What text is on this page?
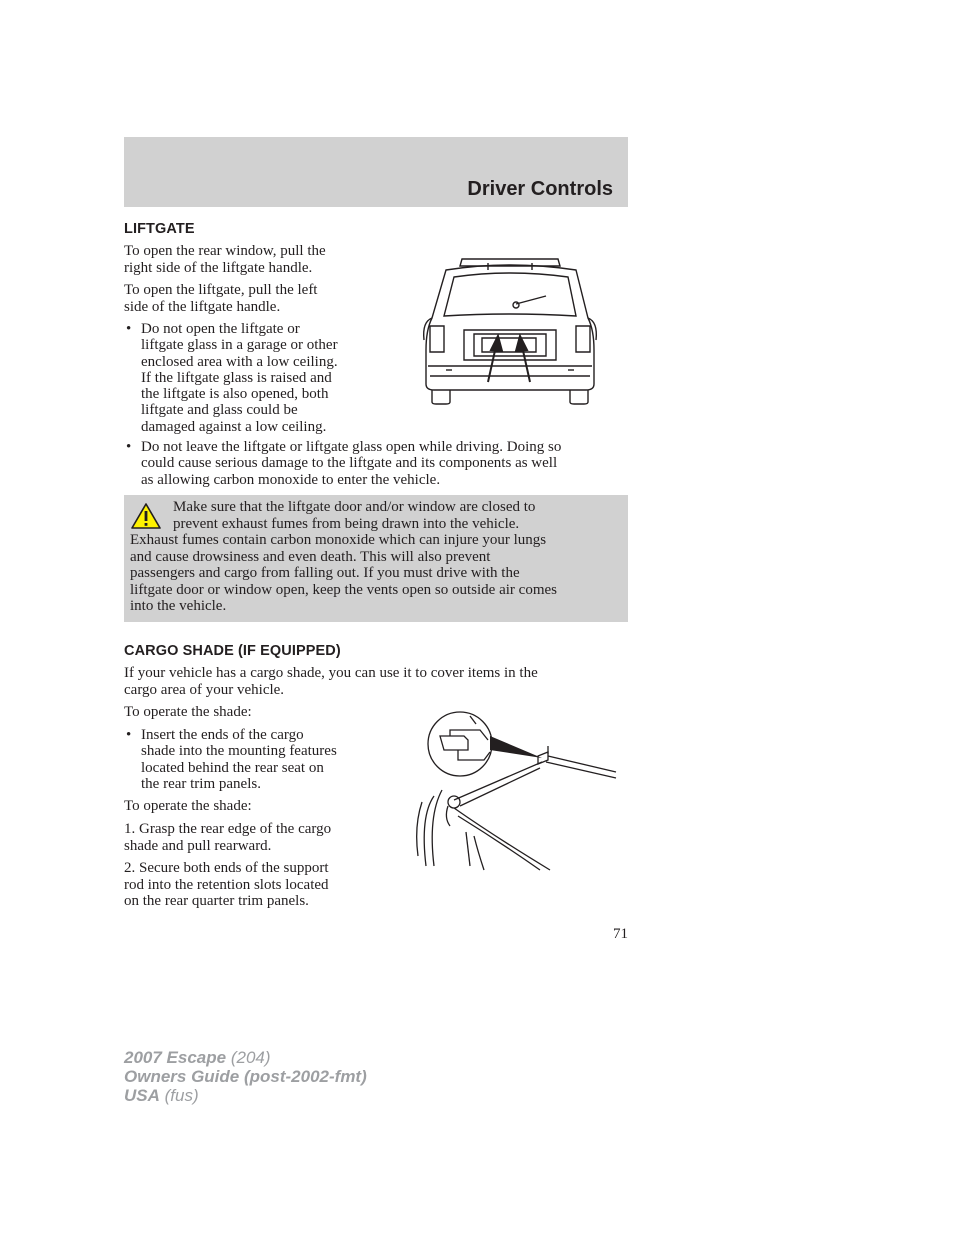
Driver Controls
LIFTGATE

To open the rear window, pull the
right side of the liftgate handle.

To open the liftgate, pull the left
side of the liftgate handle.

• Do not open the liftgate or
liftgate glass in a garage or other
enclosed area with a low ceiling.
If the liftgate glass is raised and
the liftgate is also opened, both
liftgate and glass could be
damaged against a low ceiling.
• Do not leave the liftgate or liftgate glass open while driving. Doing so
could cause serious damage to the liftgate and its components as well
as allowing carbon monoxide to enter the vehicle.

Make sure that the liftgate door and/or window are closed to
prevent exhaust fumes from being drawn into the vehicle.
Exhaust fumes contain carbon monoxide which can injure your lungs
and cause drowsiness and even death. This will also prevent
passengers and cargo from falling out. If you must drive with the
liftgate door or window open, keep the vents open so outside air comes
into the vehicle.

CARGO SHADE (IF EQUIPPED)

If your vehicle has a cargo shade, you can use it to cover items in the
cargo area of your vehicle.

To operate the shade:

• Insert the ends of the cargo
shade into the mounting features
located behind the rear seat on
the rear trim panels.

To operate the shade:

1. Grasp the rear edge of the cargo
shade and pull rearward.

2. Secure both ends of the support
rod into the retention slots located
on the rear quarter trim panels.

71

2007 Escape (204)
Owners Guide (post-2002-fmt)
USA (fus)
